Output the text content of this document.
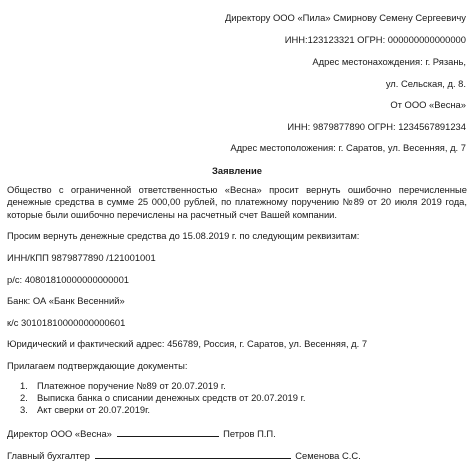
Директору ООО «Пила» Смирнову Семену Сергеевичу
ИНН:123123321 ОГРН: 000000000000000
Адрес местонахождения: г. Рязань,
ул. Сельская, д. 8.
От ООО «Весна»
ИНН: 9879877890 ОГРН: 1234567891234
Адрес местоположения: г. Саратов, ул. Весенняя, д. 7
Заявление
Общество с ограниченной ответственностью «Весна» просит вернуть ошибочно перечисленные денежные средства в сумме 25 000,00 рублей, по платежному поручению №89 от 20 июля 2019 года, которые были ошибочно перечислены на расчетный счет Вашей компании.
Просим вернуть денежные средства до 15.08.2019 г. по следующим реквизитам:
ИНН/КПП 9879877890 /121001001
р/с: 40801810000000000001
Банк: ОА «Банк Весенний»
к/с 30101810000000000601
Юридический и фактический адрес: 456789, Россия, г. Саратов, ул. Весенняя, д. 7
Прилагаем подтверждающие документы:
1. Платежное поручение №89 от 20.07.2019 г.
2. Выписка банка о списании денежных средств от 20.07.2019 г.
3. Акт сверки от 20.07.2019г.
Директор ООО «Весна»	Петров П.П.
Главный бухгалтер	Семенова С.С.
